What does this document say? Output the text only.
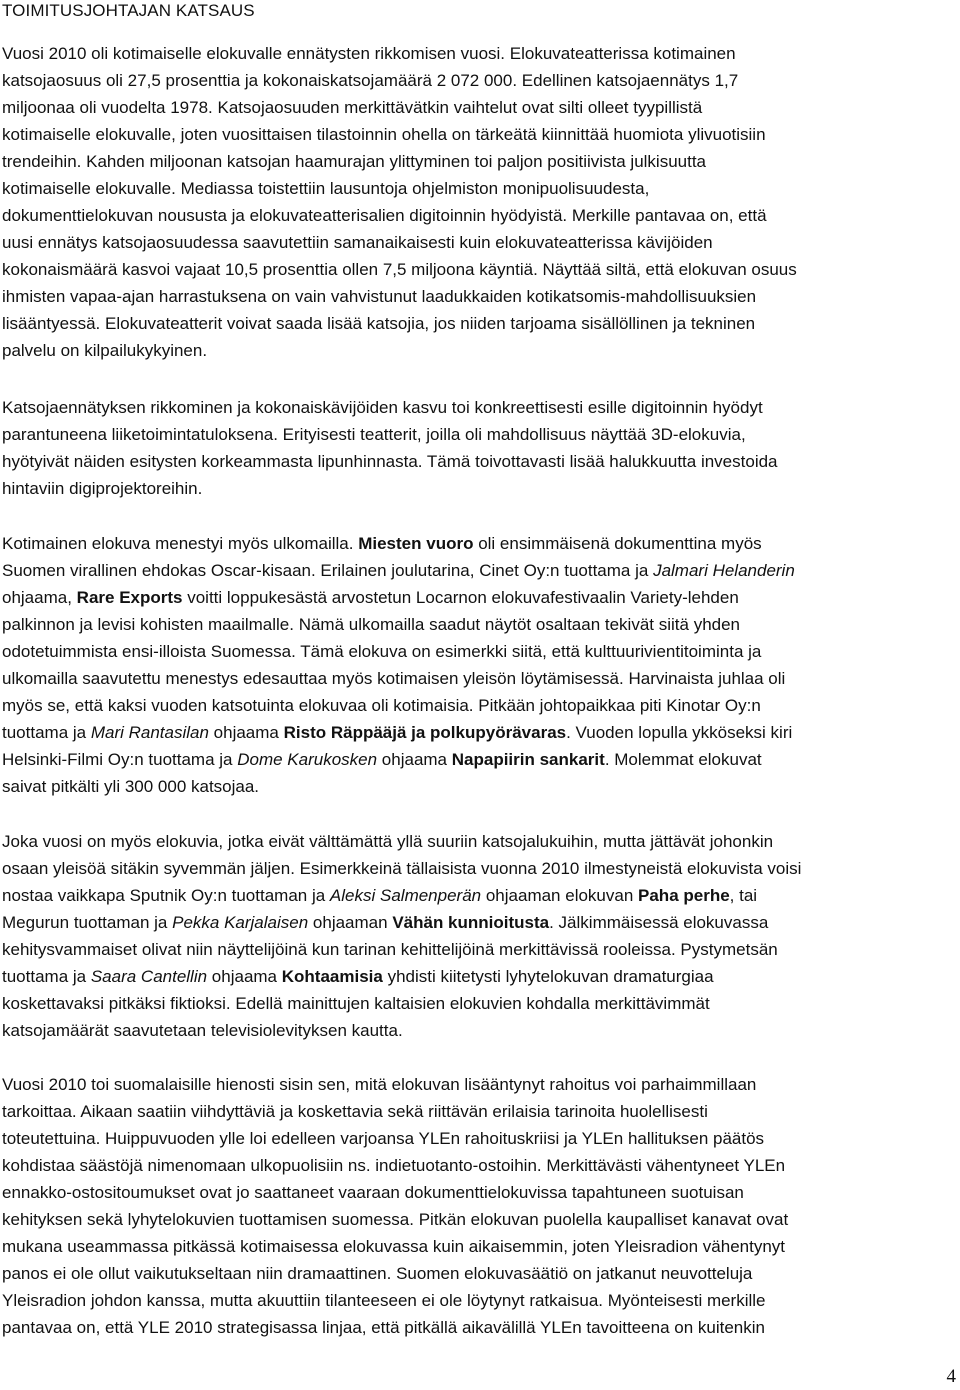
TOIMITUSJOHTAJAN KATSAUS
Vuosi 2010 oli kotimaiselle elokuvalle ennätysten rikkomisen vuosi. Elokuvateatterissa kotimainen
katsojaosuus oli 27,5 prosenttia ja kokonaiskatsojamäärä 2 072 000. Edellinen katsojaennätys 1,7
miljoonaa oli vuodelta 1978. Katsojaosuuden merkittävätkin vaihtelut ovat silti olleet tyypillistä
kotimaiselle elokuvalle, joten vuosittaisen tilastoinnin ohella on tärkeätä kiinnittää huomiota ylivuotisiin
trendeihin. Kahden miljoonan katsojan haamurajan ylittyminen toi paljon positiivista julkisuutta
kotimaiselle elokuvalle. Mediassa toistettiin lausuntoja ohjelmiston monipuolisuudesta,
dokumenttielokuvan noususta ja elokuvateatterisalien digitoinnin hyödyistä. Merkille pantavaa on, että
uusi ennätys katsojaosuudessa saavutettiin samanaikaisesti kuin elokuvateatterissa kävijöiden
kokonaismäärä kasvoi vajaat 10,5 prosenttia ollen 7,5 miljoona käyntiä. Näyttää siltä, että elokuvan osuus
ihmisten vapaa-ajan harrastuksena on vain vahvistunut laadukkaiden kotikatsomis-mahdollisuuksien
lisääntyessä. Elokuvateatterit voivat saada lisää katsojia, jos niiden tarjoama sisällöllinen ja tekninen
palvelu on kilpailukykyinen.
Katsojaennätyksen rikkominen ja kokonaiskävijöiden kasvu toi konkreettisesti esille digitoinnin hyödyt
parantuneena liiketoimintatuloksena. Erityisesti teatterit, joilla oli mahdollisuus näyttää 3D-elokuvia,
hyötyivät näiden esitysten korkeammasta lipunhinnasta. Tämä toivottavasti lisää halukkuutta investoida
hintaviin digiprojektoreihin.
Kotimainen elokuva menestyi myös ulkomailla. Miesten vuoro oli ensimmäisenä dokumenttina myös
Suomen virallinen ehdokas Oscar-kisaan. Erilainen joulutarina, Cinet Oy:n tuottama ja Jalmari Helanderin
ohjaama, Rare Exports voitti loppukesästä arvostetun Locarnon elokuvafestivaalin Variety-lehden
palkinnon ja levisi kohisten maailmalle. Nämä ulkomailla saadut näytöt osaltaan tekivät siitä yhden
odotetuimmista ensi-illoista Suomessa. Tämä elokuva on esimerkki siitä, että kulttuurivientitoiminta ja
ulkomailla saavutettu menestys edesauttaa myös kotimaisen yleisön löytämisessä. Harvinaista juhlaa oli
myös se, että kaksi vuoden katsotuinta elokuvaa oli kotimaisia. Pitkään johtopaikkaa piti Kinotar Oy:n
tuottama ja Mari Rantasilan ohjaama Risto Räppääjä ja polkupyörävaras. Vuoden lopulla ykköseksi kiri
Helsinki-Filmi Oy:n tuottama ja Dome Karukosken ohjaama Napapiirin sankarit. Molemmat elokuvat
saivat pitkälti yli 300 000 katsojaa.
Joka vuosi on myös elokuvia, jotka eivät välttämättä yllä suuriin katsojalukuihin, mutta jättävät johonkin
osaan yleisöä sitäkin syvemmän jäljen. Esimerkkeinä tällaisista vuonna 2010 ilmestyneistä elokuvista voisi
nostaa vaikkapa Sputnik Oy:n tuottaman ja Aleksi Salmenperän ohjaaman elokuvan Paha perhe, tai
Megurun tuottaman ja Pekka Karjalaisen ohjaaman Vähän kunnioitusta. Jälkimmäisessä elokuvassa
kehitysvammaiset olivat niin näyttelijöinä kun tarinan kehittelijöinä merkittävissä rooleissa. Pystymetsän
tuottama ja Saara Cantellin ohjaama Kohtaamisia yhdisti kiitetysti lyhytelokuvan dramaturgiaa
koskettavaksi pitkäksi fiktioksi. Edellä mainittujen kaltaisien elokuvien kohdalla merkittävimmät
katsojamäärät saavutetaan televisiolevityksen kautta.
Vuosi 2010 toi suomalaisille hienosti sisin sen, mitä elokuvan lisääntynyt rahoitus voi parhaimmillaan
tarkoittaa. Aikaan saatiin viihdyttäviä ja koskettavia sekä riittävän erilaisia tarinoita huolellisesti
toteutettuina. Huippuvuoden ylle loi edelleen varjoansa YLEn rahoituskriisi ja YLEn hallituksen päätös
kohdistaa säästöjä nimenomaan ulkopuolisiin ns. indietuotanto-ostoihin. Merkittävästi vähentyneet YLEn
ennakko-ostositoumukset ovat jo saattaneet vaaraan dokumenttielokuvissa tapahtuneen suotuisan
kehityksen sekä lyhytelokuvien tuottamisen suomessa. Pitkän elokuvan puolella kaupalliset kanavat ovat
mukana useammassa pitkässä kotimaisessa elokuvassa kuin aikaisemmin, joten Yleisradion vähentynyt
panos ei ole ollut vaikutukseltaan niin dramaattinen. Suomen elokuvasäätiö on jatkanut neuvotteluja
Yleisradion johdon kanssa, mutta akuuttiin tilanteeseen ei ole löytynyt ratkaisua. Myönteisesti merkille
pantavaa on, että YLE 2010 strategisassa linjaa, että pitkällä aikavälillä YLEn tavoitteena on kuitenkin
4
